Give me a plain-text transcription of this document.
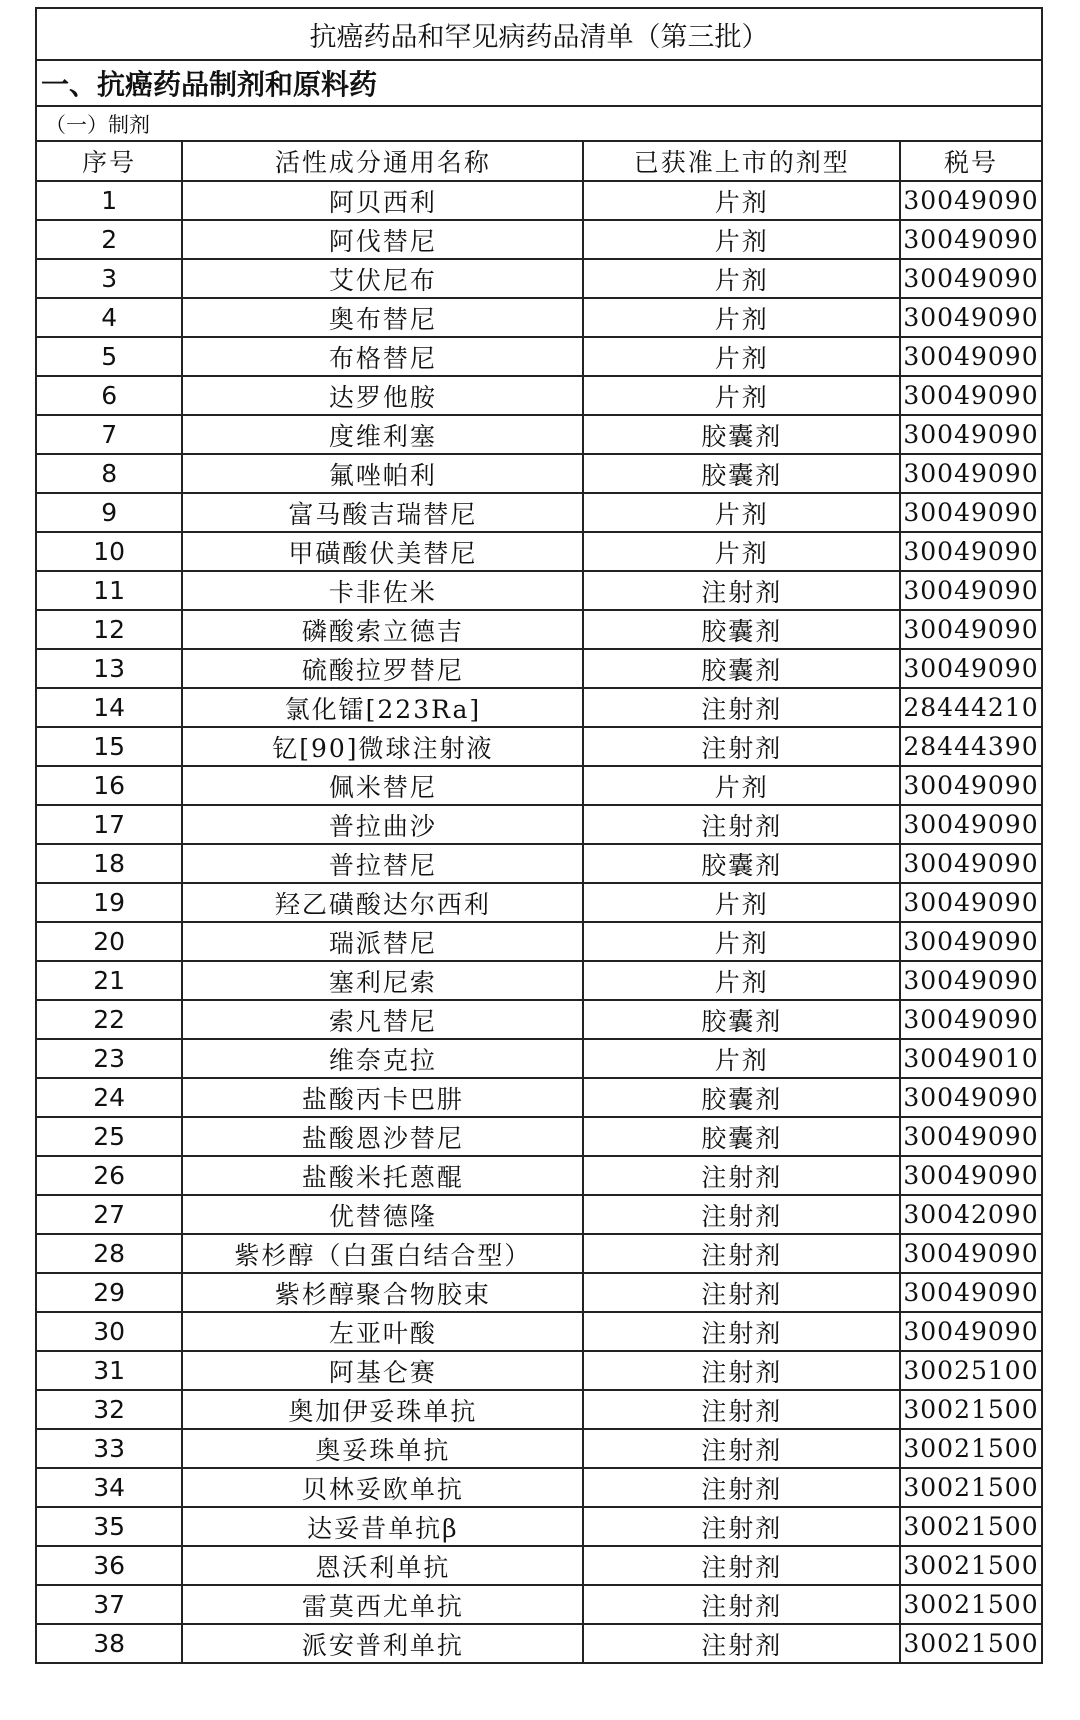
抗癌药品和罕见病药品清单（第三批）			
一、抗癌药品制剂和原料药			
（一）制剂			
序号	活性成分通用名称	已获准上市的剂型	税号
1	阿贝西利	片剂	30049090
2	阿伐替尼	片剂	30049090
3	艾伏尼布	片剂	30049090
4	奥布替尼	片剂	30049090
5	布格替尼	片剂	30049090
6	达罗他胺	片剂	30049090
7	度维利塞	胶囊剂	30049090
8	氟唑帕利	胶囊剂	30049090
9	富马酸吉瑞替尼	片剂	30049090
10	甲磺酸伏美替尼	片剂	30049090
11	卡非佐米	注射剂	30049090
12	磷酸索立德吉	胶囊剂	30049090
13	硫酸拉罗替尼	胶囊剂	30049090
14	氯化镭[223Ra]	注射剂	28444210
15	钇[90]微球注射液	注射剂	28444390
16	佩米替尼	片剂	30049090
17	普拉曲沙	注射剂	30049090
18	普拉替尼	胶囊剂	30049090
19	羟乙磺酸达尔西利	片剂	30049090
20	瑞派替尼	片剂	30049090
21	塞利尼索	片剂	30049090
22	索凡替尼	胶囊剂	30049090
23	维奈克拉	片剂	30049010
24	盐酸丙卡巴肼	胶囊剂	30049090
25	盐酸恩沙替尼	胶囊剂	30049090
26	盐酸米托蒽醌	注射剂	30049090
27	优替德隆	注射剂	30042090
28	紫杉醇（白蛋白结合型）	注射剂	30049090
29	紫杉醇聚合物胶束	注射剂	30049090
30	左亚叶酸	注射剂	30049090
31	阿基仑赛	注射剂	30025100
32	奥加伊妥珠单抗	注射剂	30021500
33	奥妥珠单抗	注射剂	30021500
34	贝林妥欧单抗	注射剂	30021500
35	达妥昔单抗β	注射剂	30021500
36	恩沃利单抗	注射剂	30021500
37	雷莫西尤单抗	注射剂	30021500
38	派安普利单抗	注射剂	30021500
